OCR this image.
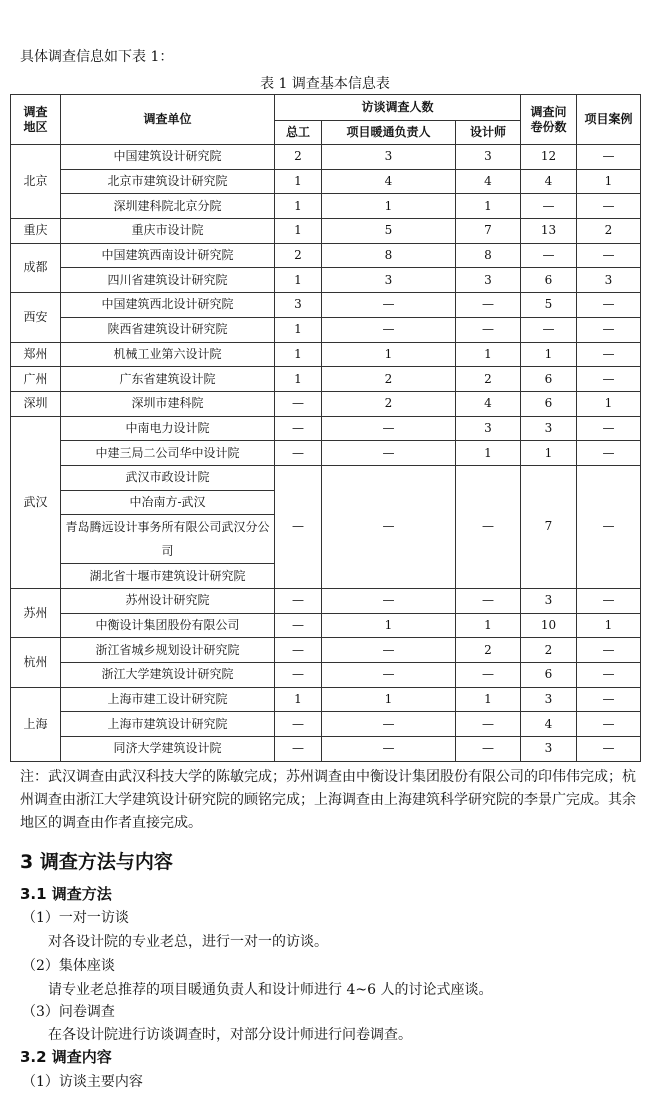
具体调查信息如下表 1：
表 1 调查基本信息表
调查地区	调查单位	访谈调查人数			调查问卷份数	项目案例
		总工	项目暖通负责人	设计师		
北京	中国建筑设计研究院	2	3	3	12	—
	北京市建筑设计研究院	1	4	4	4	1
	深圳建科院北京分院	1	1	1	—	—
重庆	重庆市设计院	1	5	7	13	2
成都	中国建筑西南设计研究院	2	8	8	—	—
	四川省建筑设计研究院	1	3	3	6	3
西安	中国建筑西北设计研究院	3	—	—	5	—
	陕西省建筑设计研究院	1	—	—	—	—
郑州	机械工业第六设计院	1	1	1	1	—
广州	广东省建筑设计院	1	2	2	6	—
深圳	深圳市建科院	—	2	4	6	1
武汉	中南电力设计院	—	—	3	3	—
	中建三局二公司华中设计院	—	—	1	1	—
	武汉市政设计院	—	—	—	7	—
	中冶南方-武汉					
	青岛腾远设计事务所有限公司武汉分公司					
	湖北省十堰市建筑设计研究院					
苏州	苏州设计研究院	—	—	—	3	—
	中衡设计集团股份有限公司	—	1	1	10	1
杭州	浙江省城乡规划设计研究院	—	—	2	2	—
	浙江大学建筑设计研究院	—	—	—	6	—
上海	上海市建工设计研究院	1	1	1	3	—
	上海市建筑设计研究院	—	—	—	4	—
	同济大学建筑设计院	—	—	—	3	—
注：武汉调查由武汉科技大学的陈敏完成；苏州调查由中衡设计集团股份有限公司的印伟伟完成；杭州调查由浙江大学建筑设计研究院的顾铭完成；上海调查由上海建筑科学研究院的李景广完成。其余地区的调查由作者直接完成。
3 调查方法与内容
3.1 调查方法
（1）一对一访谈
对各设计院的专业老总，进行一对一的访谈。
（2）集体座谈
请专业老总推荐的项目暖通负责人和设计师进行 4~6 人的讨论式座谈。
（3）问卷调查
在各设计院进行访谈调查时，对部分设计师进行问卷调查。
3.2 调查内容
（1）访谈主要内容
